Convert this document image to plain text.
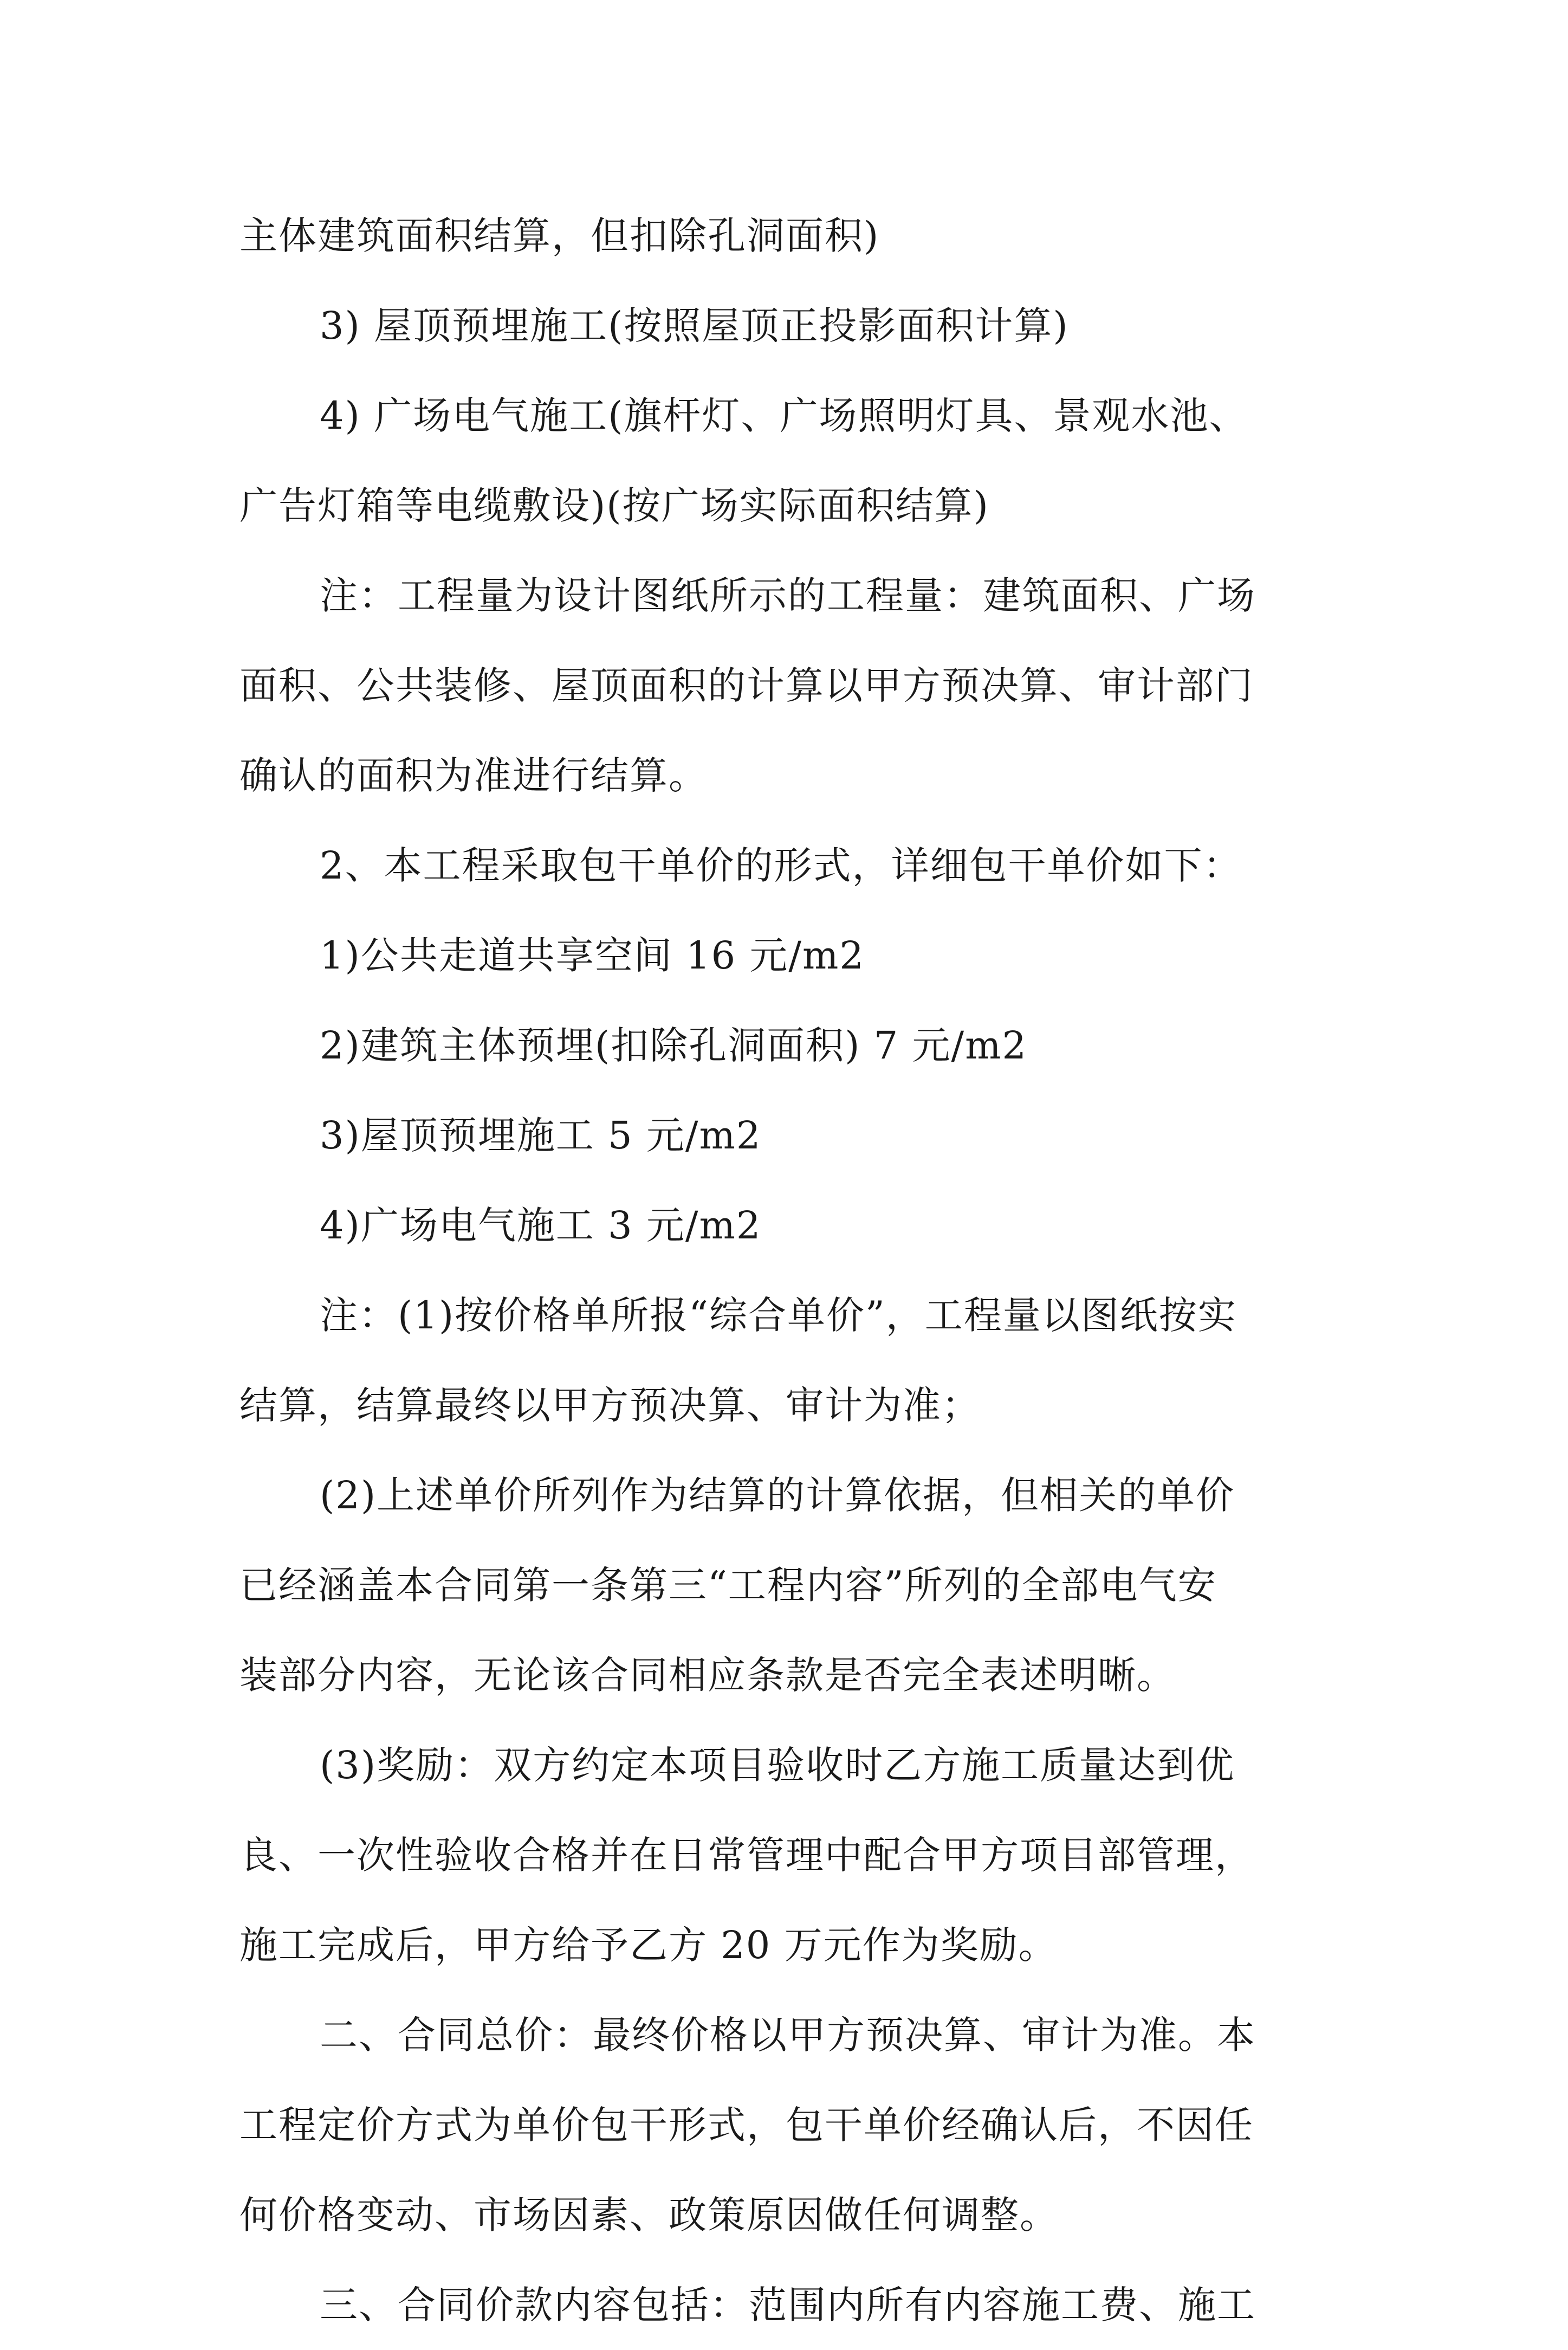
主体建筑面积结算，但扣除孔洞面积)
3) 屋顶预埋施工(按照屋顶正投影面积计算)
4) 广场电气施工(旗杆灯、广场照明灯具、景观水池、
广告灯箱等电缆敷设)(按广场实际面积结算)
注：工程量为设计图纸所示的工程量：建筑面积、广场
面积、公共装修、屋顶面积的计算以甲方预决算、审计部门
确认的面积为准进行结算。
2、本工程采取包干单价的形式，详细包干单价如下：
1)公共走道共享空间 16 元/m2
2)建筑主体预埋(扣除孔洞面积) 7 元/m2
3)屋顶预埋施工 5 元/m2
4)广场电气施工 3 元/m2
注：(1)按价格单所报“综合单价”，工程量以图纸按实
结算，结算最终以甲方预决算、审计为准；
(2)上述单价所列作为结算的计算依据，但相关的单价
已经涵盖本合同第一条第三“工程内容”所列的全部电气安
装部分内容，无论该合同相应条款是否完全表述明晰。
(3)奖励：双方约定本项目验收时乙方施工质量达到优
良、一次性验收合格并在日常管理中配合甲方项目部管理，
施工完成后，甲方给予乙方 20 万元作为奖励。
二、合同总价：最终价格以甲方预决算、审计为准。本
工程定价方式为单价包干形式，包干单价经确认后，不因任
何价格变动、市场因素、政策原因做任何调整。
三、合同价款内容包括：范围内所有内容施工费、施工
